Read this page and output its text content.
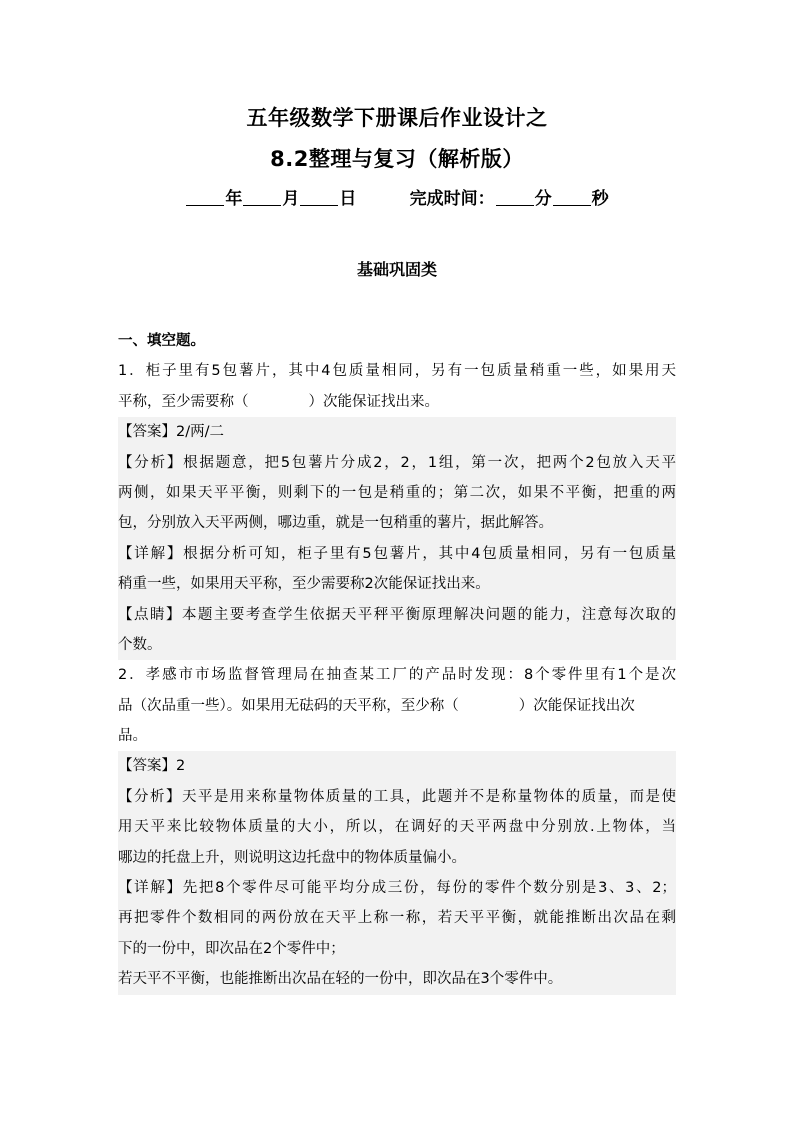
五年级数学下册课后作业设计之
8.2整理与复习（解析版）
年 月 日	完成时间： 分 秒
基础巩固类
一、填空题。
1．柜子里有5包薯片，其中4包质量相同，另有一包质量稍重一些，如果用天
平称，至少需要称（	）次能保证找出来。
【答案】2/两/二
【分析】根据题意，把5包薯片分成2，2，1组，第一次，把两个2包放入天平
两侧，如果天平平衡，则剩下的一包是稍重的；第二次，如果不平衡，把重的两
包，分别放入天平两侧，哪边重，就是一包稍重的薯片，据此解答。
【详解】根据分析可知，柜子里有5包薯片，其中4包质量相同，另有一包质量
稍重一些，如果用天平称，至少需要称2次能保证找出来。
【点睛】本题主要考查学生依据天平秤平衡原理解决问题的能力，注意每次取的
个数。
2．孝感市市场监督管理局在抽查某工厂的产品时发现：8个零件里有1个是次
品（次品重一些）。如果用无砝码的天平称，至少称（	）次能保证找出次
品。
【答案】2
【分析】天平是用来称量物体质量的工具，此题并不是称量物体的质量，而是使
用天平来比较物体质量的大小，所以，在调好的天平两盘中分别放.上物体，当
哪边的托盘上升，则说明这边托盘中的物体质量偏小。
【详解】先把8个零件尽可能平均分成三份，每份的零件个数分别是3、3、2；
再把零件个数相同的两份放在天平上称一称，若天平平衡，就能推断出次品在剩
下的一份中，即次品在2个零件中；
若天平不平衡，也能推断出次品在轻的一份中，即次品在3个零件中。
